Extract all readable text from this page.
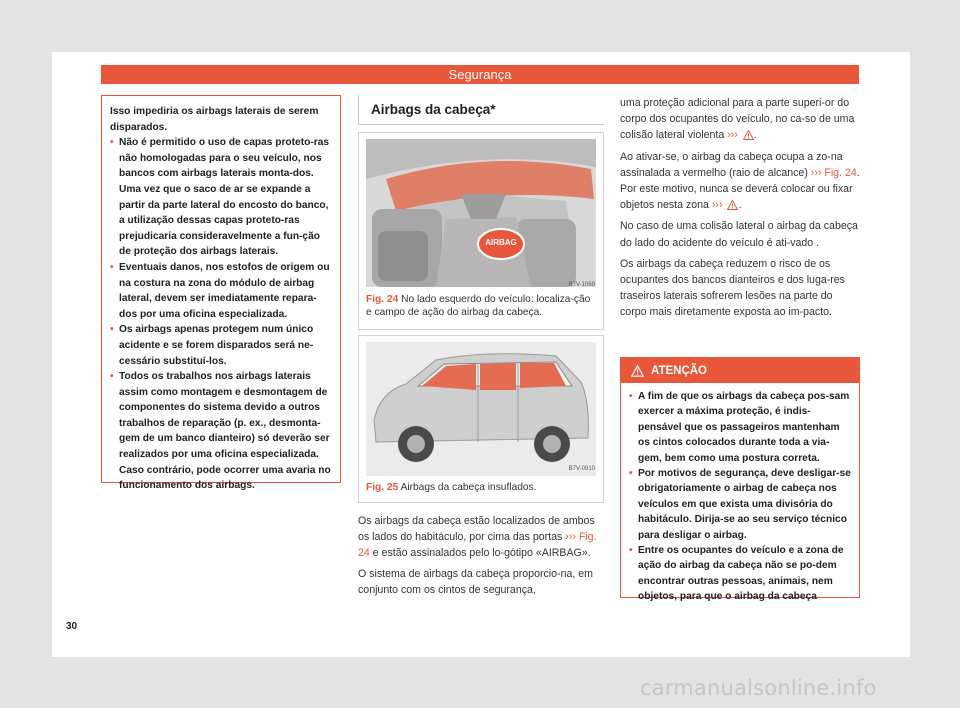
Segurança

Isso impediria os airbags laterais de serem disparados.

• Não é permitido o uso de capas proteto-ras não homologadas para o seu veículo, nos bancos com airbags laterais monta-dos. Uma vez que o saco de ar se expande a partir da parte lateral do encosto do banco, a utilização dessas capas proteto-ras prejudicaria consideravelmente a fun-ção de proteção dos airbags laterais.
• Eventuais danos, nos estofos de origem ou na costura na zona do módulo de airbag lateral, devem ser imediatamente repara-dos por uma oficina especializada.
• Os airbags apenas protegem num único acidente e se forem disparados será ne-cessário substituí-los.
• Todos os trabalhos nos airbags laterais assim como montagem e desmontagem de componentes do sistema devido a outros trabalhos de reparação (p. ex., desmonta-gem de um banco dianteiro) só deverão ser realizados por uma oficina especializada. Caso contrário, pode ocorrer uma avaria no funcionamento dos airbags.
Airbags da cabeça*
AIRBAG
B7V-1069
Fig. 24 No lado esquerdo do veículo: localiza-ção e campo de ação do airbag da cabeça.
B7V-0910
Fig. 25 Airbags da cabeça insuflados.

Os airbags da cabeça estão localizados de ambos os lados do habitáculo, por cima das portas ››› Fig. 24 e estão assinalados pelo lo-gótipo «AIRBAG».

O sistema de airbags da cabeça proporcio-na, em conjunto com os cintos de segurança,

uma proteção adicional para a parte superi-or do corpo dos ocupantes do veículo, no ca-so de uma colisão lateral violenta ››› .

Ao ativar-se, o airbag da cabeça ocupa a zo-na assinalada a vermelho (raio de alcance) ››› Fig. 24. Por este motivo, nunca se deverá colocar ou fixar objetos nesta zona ››› .

No caso de uma colisão lateral o airbag da cabeça do lado do acidente do veículo é ati-vado .

Os airbags da cabeça reduzem o risco de os ocupantes dos bancos dianteiros e dos luga-res traseiros laterais sofrerem lesões na parte do corpo mais diretamente exposta ao im-pacto.

ATENÇÃO
• A fim de que os airbags da cabeça pos-sam exercer a máxima proteção, é indis-pensável que os passageiros mantenham os cintos colocados durante toda a via-gem, bem como uma postura correta.
• Por motivos de segurança, deve desligar-se obrigatoriamente o airbag de cabeça nos veículos em que exista uma divisória do habitáculo. Dirija-se ao seu serviço técnico para desligar o airbag.
• Entre os ocupantes do veículo e a zona de ação do airbag da cabeça não se po-dem encontrar outras pessoas, animais, nem objetos, para que o airbag da cabeça
30
carmanualsonline.info
